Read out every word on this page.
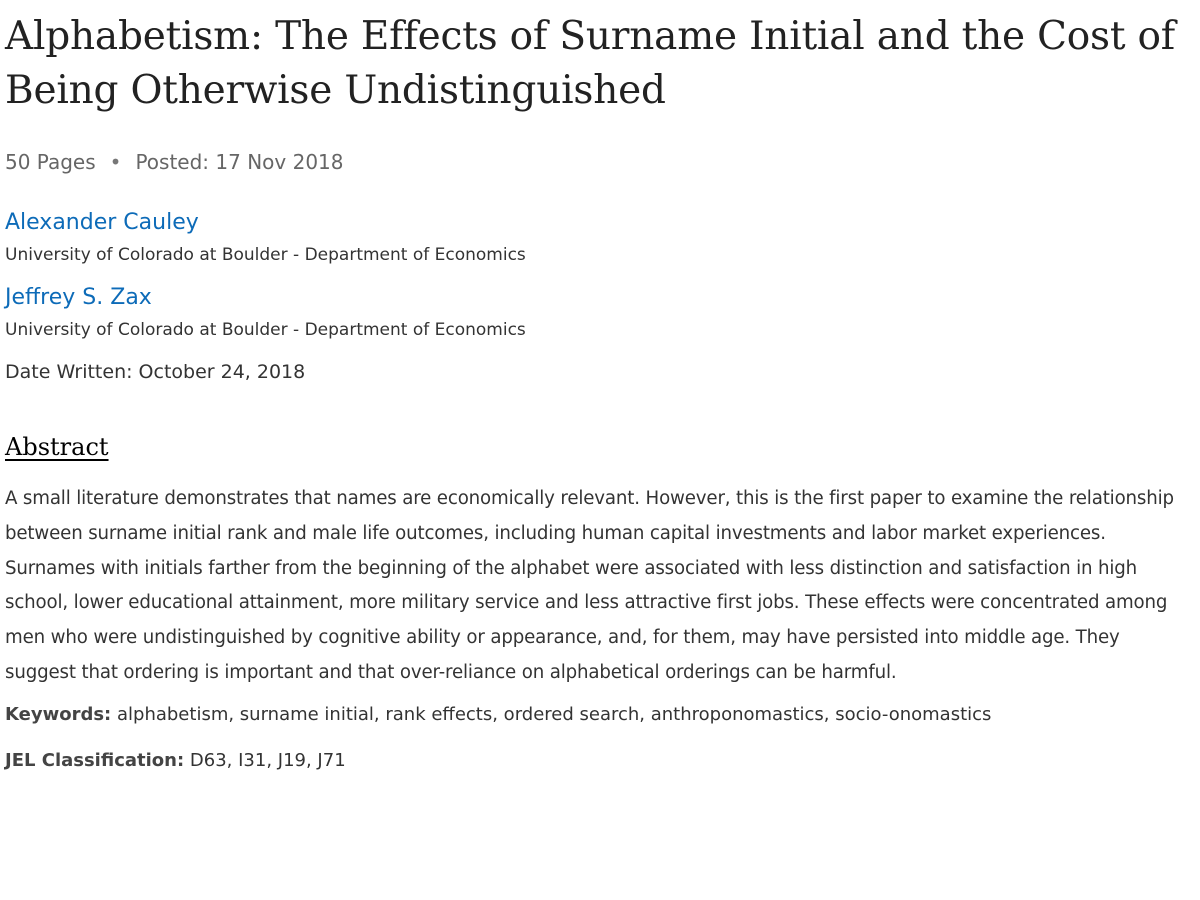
Alphabetism: The Effects of Surname Initial and the Cost of Being Otherwise Undistinguished
50 Pages • Posted: 17 Nov 2018
Alexander Cauley
University of Colorado at Boulder - Department of Economics
Jeffrey S. Zax
University of Colorado at Boulder - Department of Economics
Date Written: October 24, 2018
Abstract

A small literature demonstrates that names are economically relevant. However, this is the first paper to examine the relationship between surname initial rank and male life outcomes, including human capital investments and labor market experiences. Surnames with initials farther from the beginning of the alphabet were associated with less distinction and satisfaction in high school, lower educational attainment, more military service and less attractive first jobs. These effects were concentrated among men who were undistinguished by cognitive ability or appearance, and, for them, may have persisted into middle age. They suggest that ordering is important and that over-reliance on alphabetical orderings can be harmful.

Keywords: alphabetism, surname initial, rank effects, ordered search, anthroponomastics, socio-onomastics
JEL Classification: D63, I31, J19, J71
